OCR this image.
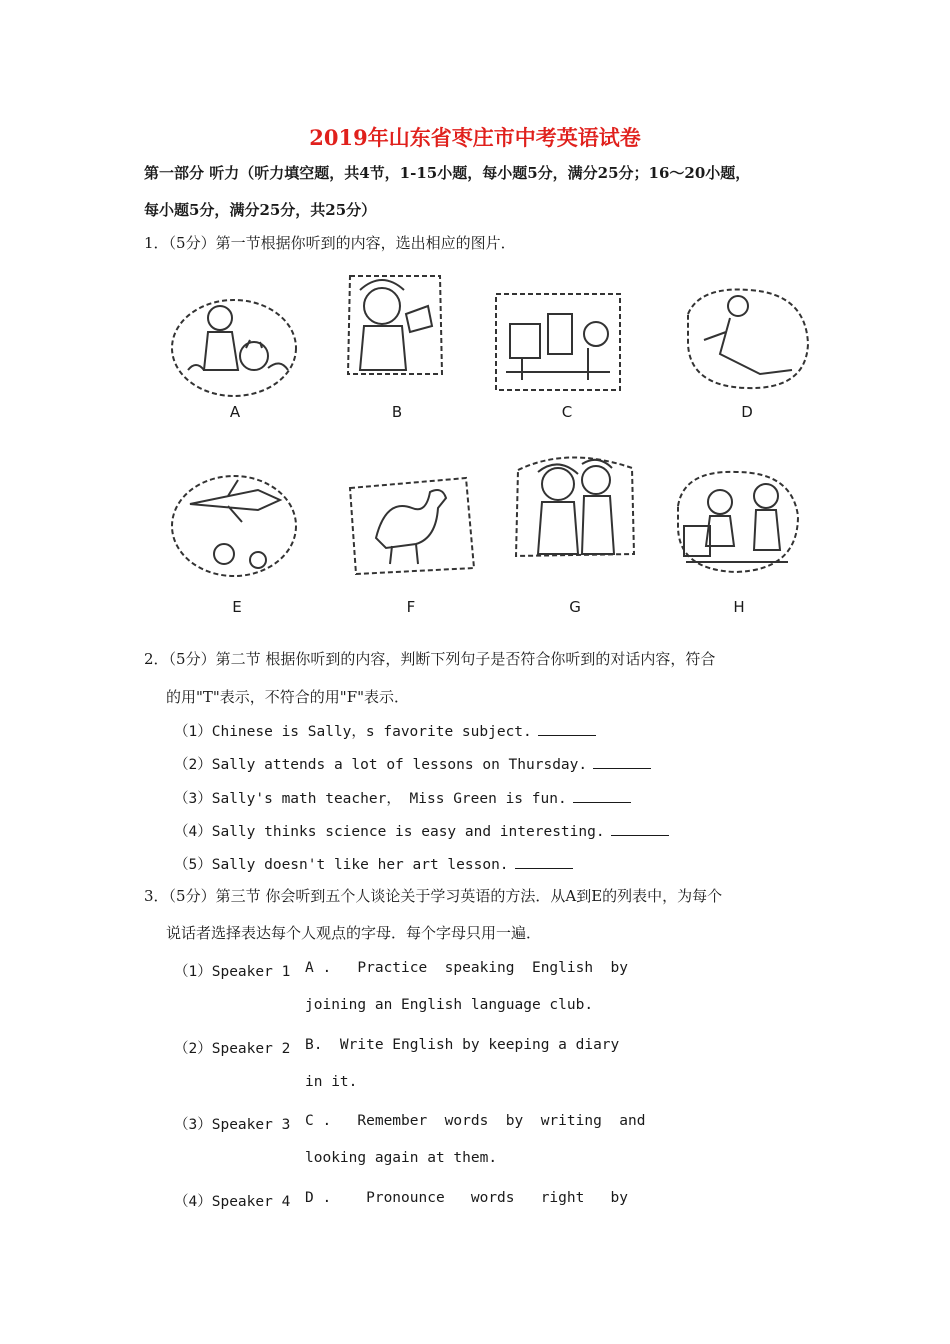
2019年山东省枣庄市中考英语试卷
第一部分 听力（听力填空题，共4节，1-15小题，每小题5分，满分25分；16～20小题，
每小题5分，满分25分，共25分）
1．（5分）第一节根据你听到的内容，选出相应的图片．
A	B	C	D
E	F	G	H
2．（5分）第二节 根据你听到的内容，判断下列句子是否符合你听到的对话内容，符合
的用"T"表示，不符合的用"F"表示．
（1）Chinese is Sally，s favorite subject.
（2）Sally attends a lot of lessons on Thursday.
（3）Sally's math teacher， Miss Green is fun.
（4）Sally thinks science is easy and interesting.
（5）Sally doesn't like her art lesson.
3．（5分）第三节 你会听到五个人谈论关于学习英语的方法．从A到E的列表中，为每个
说话者选择表达每个人观点的字母．每个字母只用一遍．
（1）Speaker 1 A .   Practice  speaking  English  by
joining an English language club.
（2）Speaker 2 B.  Write English by keeping a diary
in it.
（3）Speaker 3 C .   Remember  words  by  writing  and
looking again at them.
（4）Speaker 4 D .    Pronounce   words   right   by
